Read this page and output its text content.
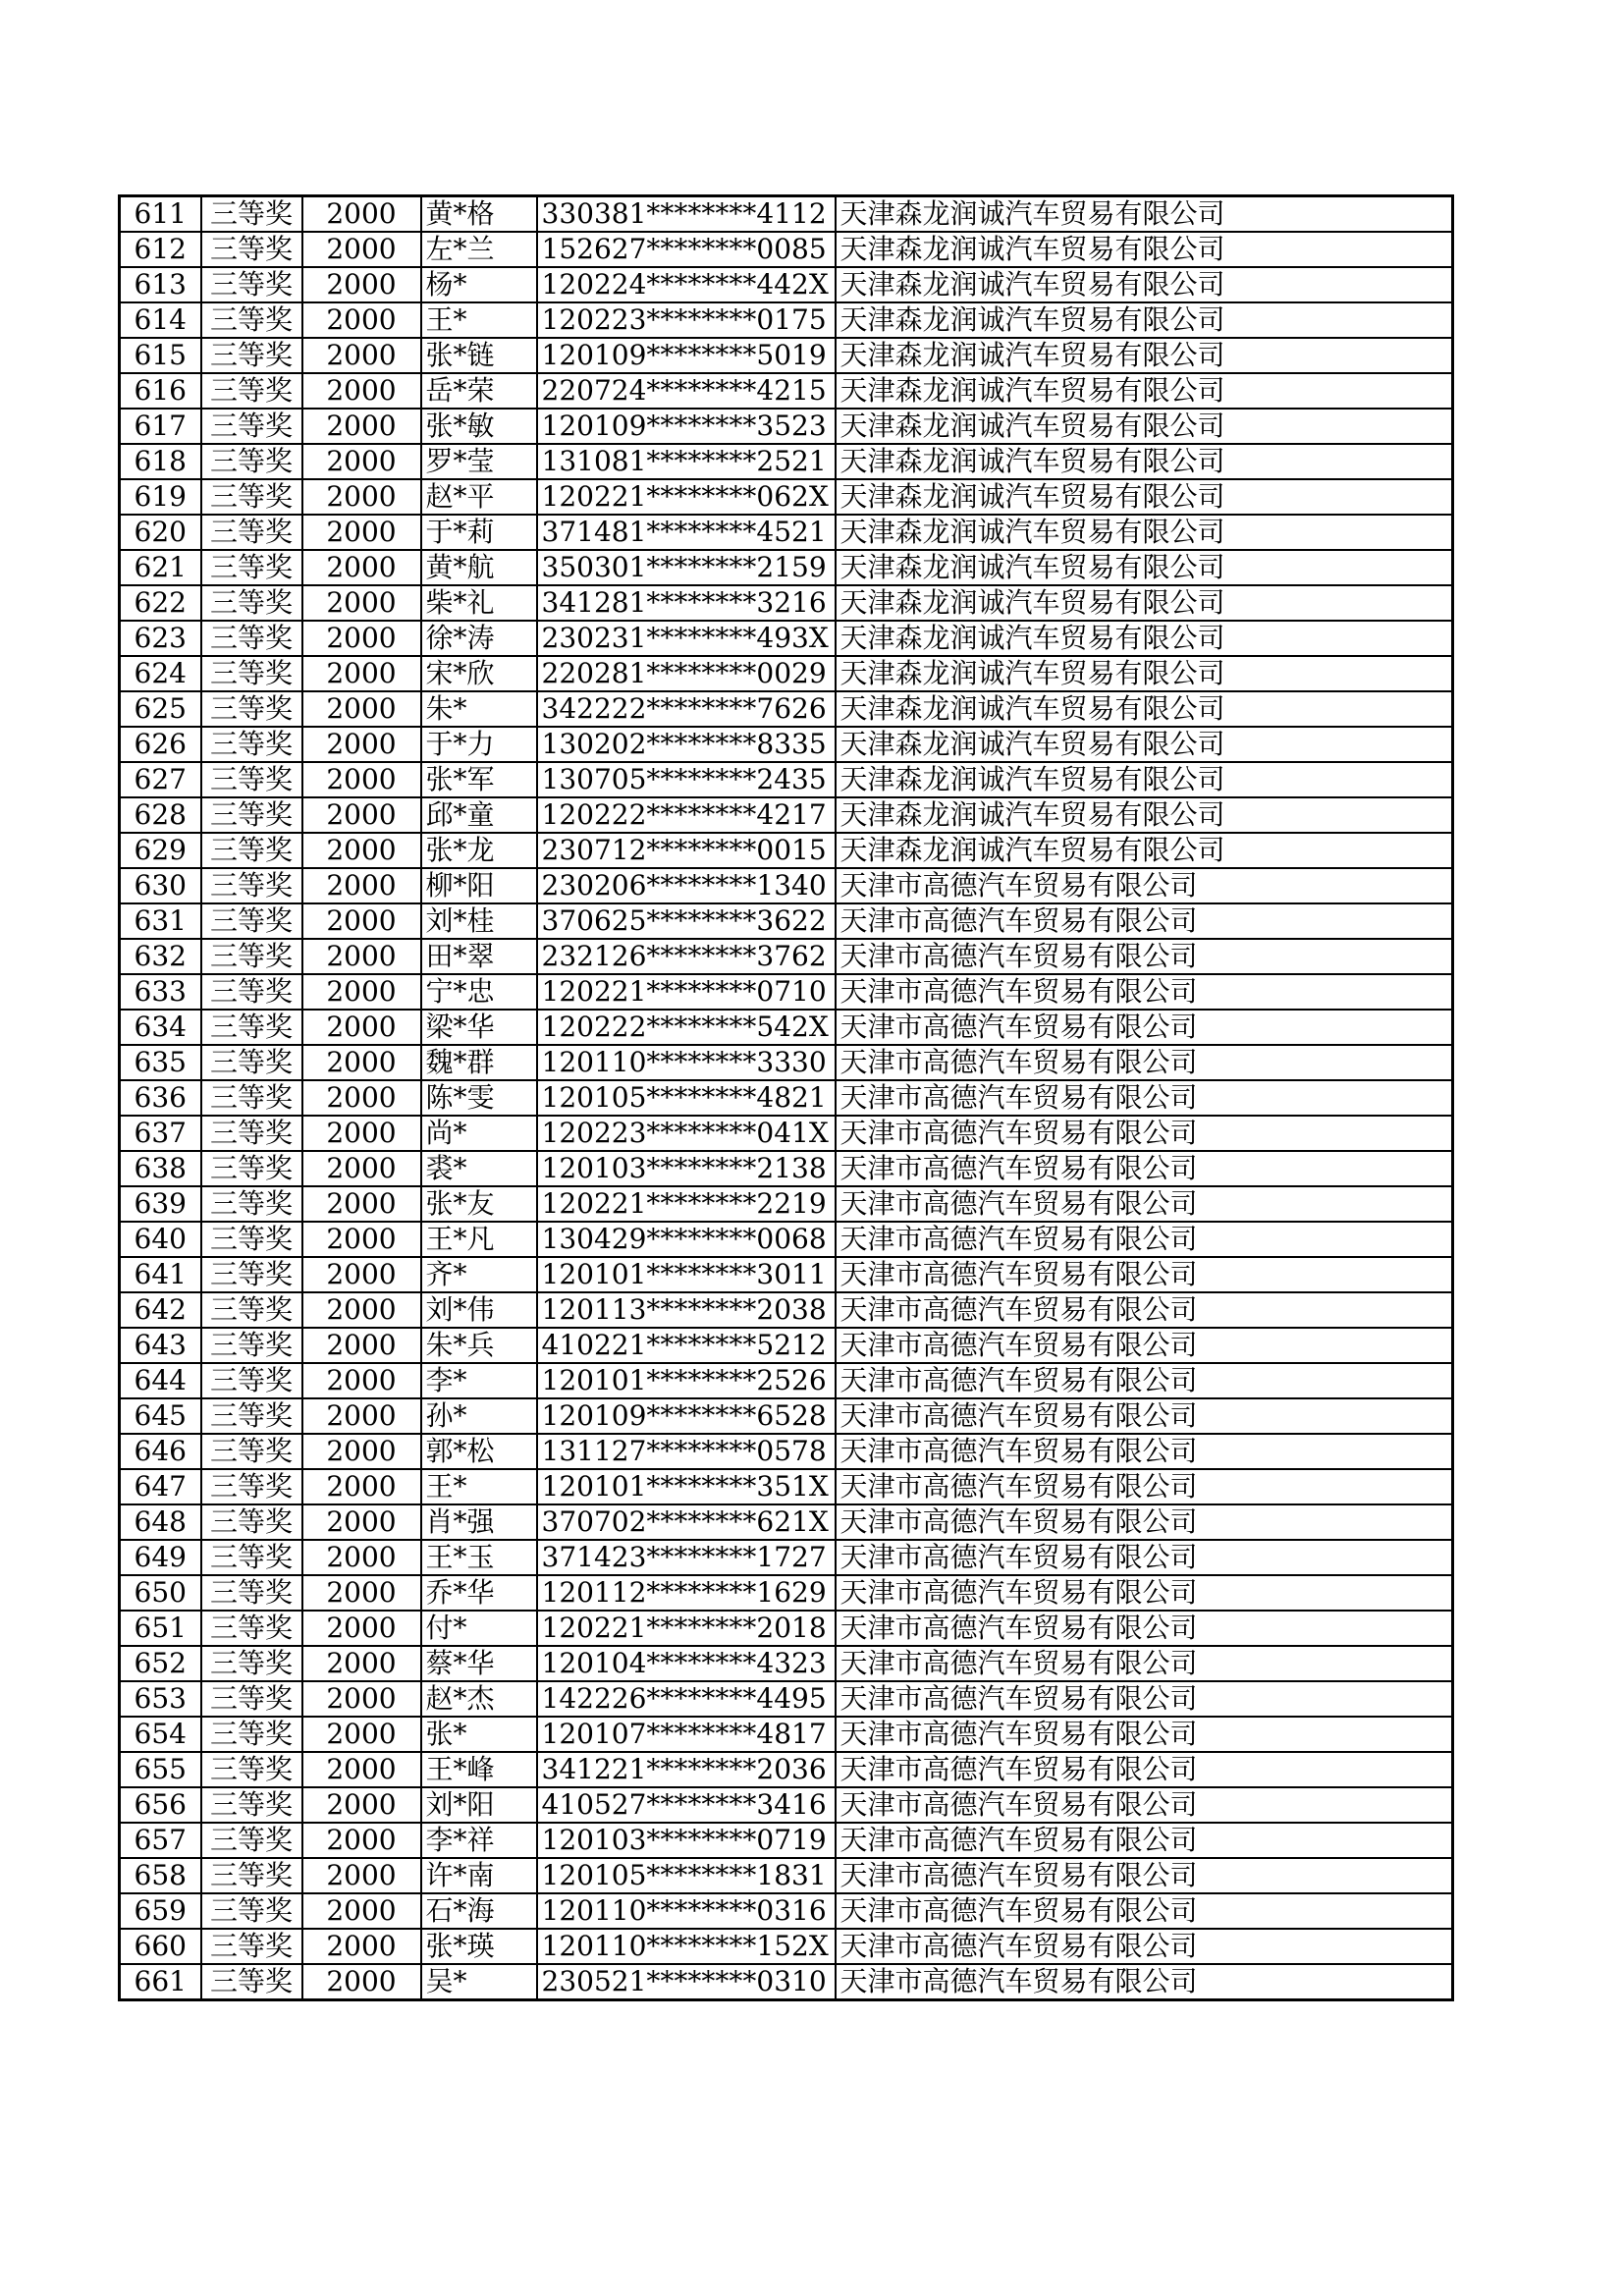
611	三等奖	2000	黄*格	330381********4112	天津森龙润诚汽车贸易有限公司
612	三等奖	2000	左*兰	152627********0085	天津森龙润诚汽车贸易有限公司
613	三等奖	2000	杨*	120224********442X	天津森龙润诚汽车贸易有限公司
614	三等奖	2000	王*	120223********0175	天津森龙润诚汽车贸易有限公司
615	三等奖	2000	张*链	120109********5019	天津森龙润诚汽车贸易有限公司
616	三等奖	2000	岳*荣	220724********4215	天津森龙润诚汽车贸易有限公司
617	三等奖	2000	张*敏	120109********3523	天津森龙润诚汽车贸易有限公司
618	三等奖	2000	罗*莹	131081********2521	天津森龙润诚汽车贸易有限公司
619	三等奖	2000	赵*平	120221********062X	天津森龙润诚汽车贸易有限公司
620	三等奖	2000	于*莉	371481********4521	天津森龙润诚汽车贸易有限公司
621	三等奖	2000	黄*航	350301********2159	天津森龙润诚汽车贸易有限公司
622	三等奖	2000	柴*礼	341281********3216	天津森龙润诚汽车贸易有限公司
623	三等奖	2000	徐*涛	230231********493X	天津森龙润诚汽车贸易有限公司
624	三等奖	2000	宋*欣	220281********0029	天津森龙润诚汽车贸易有限公司
625	三等奖	2000	朱*	342222********7626	天津森龙润诚汽车贸易有限公司
626	三等奖	2000	于*力	130202********8335	天津森龙润诚汽车贸易有限公司
627	三等奖	2000	张*军	130705********2435	天津森龙润诚汽车贸易有限公司
628	三等奖	2000	邱*童	120222********4217	天津森龙润诚汽车贸易有限公司
629	三等奖	2000	张*龙	230712********0015	天津森龙润诚汽车贸易有限公司
630	三等奖	2000	柳*阳	230206********1340	天津市高德汽车贸易有限公司
631	三等奖	2000	刘*桂	370625********3622	天津市高德汽车贸易有限公司
632	三等奖	2000	田*翠	232126********3762	天津市高德汽车贸易有限公司
633	三等奖	2000	宁*忠	120221********0710	天津市高德汽车贸易有限公司
634	三等奖	2000	梁*华	120222********542X	天津市高德汽车贸易有限公司
635	三等奖	2000	魏*群	120110********3330	天津市高德汽车贸易有限公司
636	三等奖	2000	陈*雯	120105********4821	天津市高德汽车贸易有限公司
637	三等奖	2000	尚*	120223********041X	天津市高德汽车贸易有限公司
638	三等奖	2000	裘*	120103********2138	天津市高德汽车贸易有限公司
639	三等奖	2000	张*友	120221********2219	天津市高德汽车贸易有限公司
640	三等奖	2000	王*凡	130429********0068	天津市高德汽车贸易有限公司
641	三等奖	2000	齐*	120101********3011	天津市高德汽车贸易有限公司
642	三等奖	2000	刘*伟	120113********2038	天津市高德汽车贸易有限公司
643	三等奖	2000	朱*兵	410221********5212	天津市高德汽车贸易有限公司
644	三等奖	2000	李*	120101********2526	天津市高德汽车贸易有限公司
645	三等奖	2000	孙*	120109********6528	天津市高德汽车贸易有限公司
646	三等奖	2000	郭*松	131127********0578	天津市高德汽车贸易有限公司
647	三等奖	2000	王*	120101********351X	天津市高德汽车贸易有限公司
648	三等奖	2000	肖*强	370702********621X	天津市高德汽车贸易有限公司
649	三等奖	2000	王*玉	371423********1727	天津市高德汽车贸易有限公司
650	三等奖	2000	乔*华	120112********1629	天津市高德汽车贸易有限公司
651	三等奖	2000	付*	120221********2018	天津市高德汽车贸易有限公司
652	三等奖	2000	蔡*华	120104********4323	天津市高德汽车贸易有限公司
653	三等奖	2000	赵*杰	142226********4495	天津市高德汽车贸易有限公司
654	三等奖	2000	张*	120107********4817	天津市高德汽车贸易有限公司
655	三等奖	2000	王*峰	341221********2036	天津市高德汽车贸易有限公司
656	三等奖	2000	刘*阳	410527********3416	天津市高德汽车贸易有限公司
657	三等奖	2000	李*祥	120103********0719	天津市高德汽车贸易有限公司
658	三等奖	2000	许*南	120105********1831	天津市高德汽车贸易有限公司
659	三等奖	2000	石*海	120110********0316	天津市高德汽车贸易有限公司
660	三等奖	2000	张*瑛	120110********152X	天津市高德汽车贸易有限公司
661	三等奖	2000	吴*	230521********0310	天津市高德汽车贸易有限公司
